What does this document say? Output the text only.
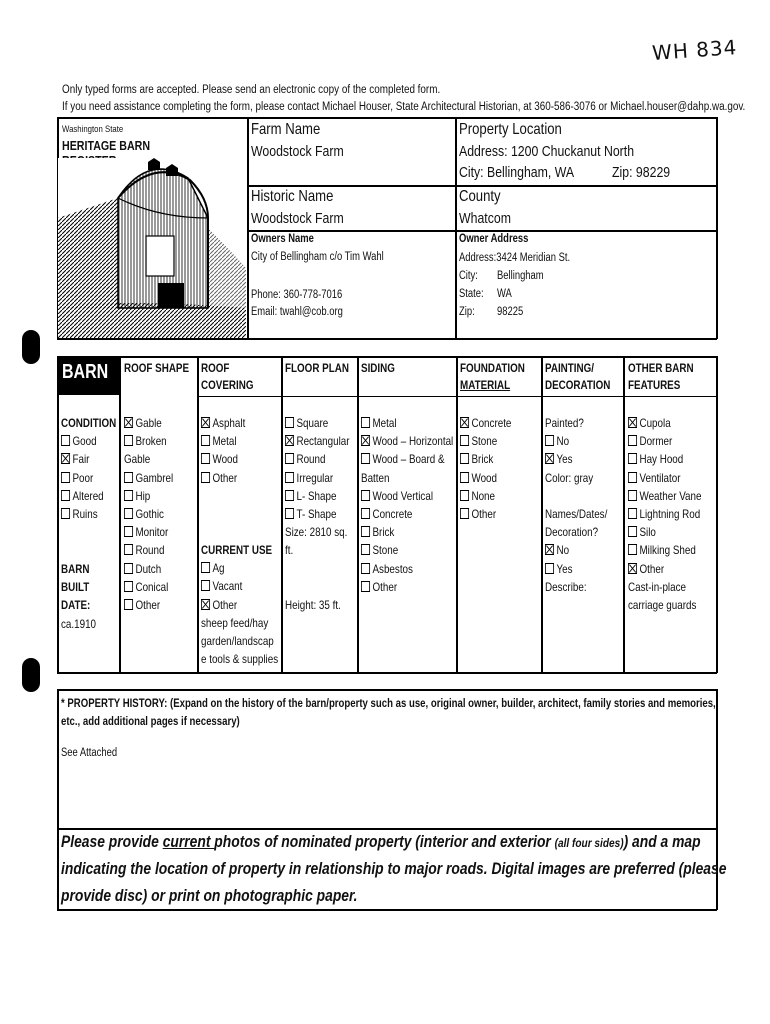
WH 834
Only typed forms are accepted. Please send an electronic copy of the completed form.
If you need assistance completing the form, please contact Michael Houser, State Architectural Historian, at 360-586-3076 or Michael.houser@dahp.wa.gov.
Washington State
HERITAGE BARN
Farm Name
Woodstock Farm
Historic Name
Woodstock Farm
Owners Name
City of Bellingham c/o Tim Wahl
Phone: 360-778-7016
Email: twahl@cob.org
Property Location
Address: 1200 Chuckanut North
City: Bellingham, WA	Zip: 98229
County
Whatcom
Owner Address
Address:3424 Meridian St.
City: Bellingham
State: WA
Zip: 98225
BARN ROOF SHAPE ROOF
COVERING
FLOOR PLAN SIDING	FOUNDATION
MATERIAL
PAINTING/
DECORATION
OTHER BARN
FEATURES
CONDITION
Good
Fair
Poor
Altered
Ruins
BARN
BUILT
DATE:
ca.1910
Gable
Broken
Gable
Gambrel
Hip
Gothic
Monitor
Round
Dutch
Conical
Other
Asphalt
Metal
Wood
Other
CURRENT USE
Ag
Vacant
Other
sheep feed/hay
garden/landscap
e tools & supplies
Square
Rectangular
Round
Irregular
L- Shape
T- Shape
Size: 2810 sq.
ft.
Height: 35 ft.
Metal
Wood – Horizontal
Wood – Board &
Batten
Wood Vertical
Concrete
Brick
Stone
Asbestos
Other
Concrete
Stone
Brick
Wood
None
Other
Painted?
No
Yes
Color: gray
Names/Dates/
Decoration?
No
Yes
Describe:
Cupola
Dormer
Hay Hood
Ventilator
Weather Vane
Lightning Rod
Silo
Milking Shed
Other
Cast-in-place
carriage guards
* PROPERTY HISTORY: (Expand on the history of the barn/property such as use, original owner, builder, architect, family stories and memories,
etc., add additional pages if necessary)
See Attached
Please provide current photos of nominated property (interior and exterior (all four sides)) and a map
indicating the location of property in relationship to major roads. Digital images are preferred (please
provide disc) or print on photographic paper.
